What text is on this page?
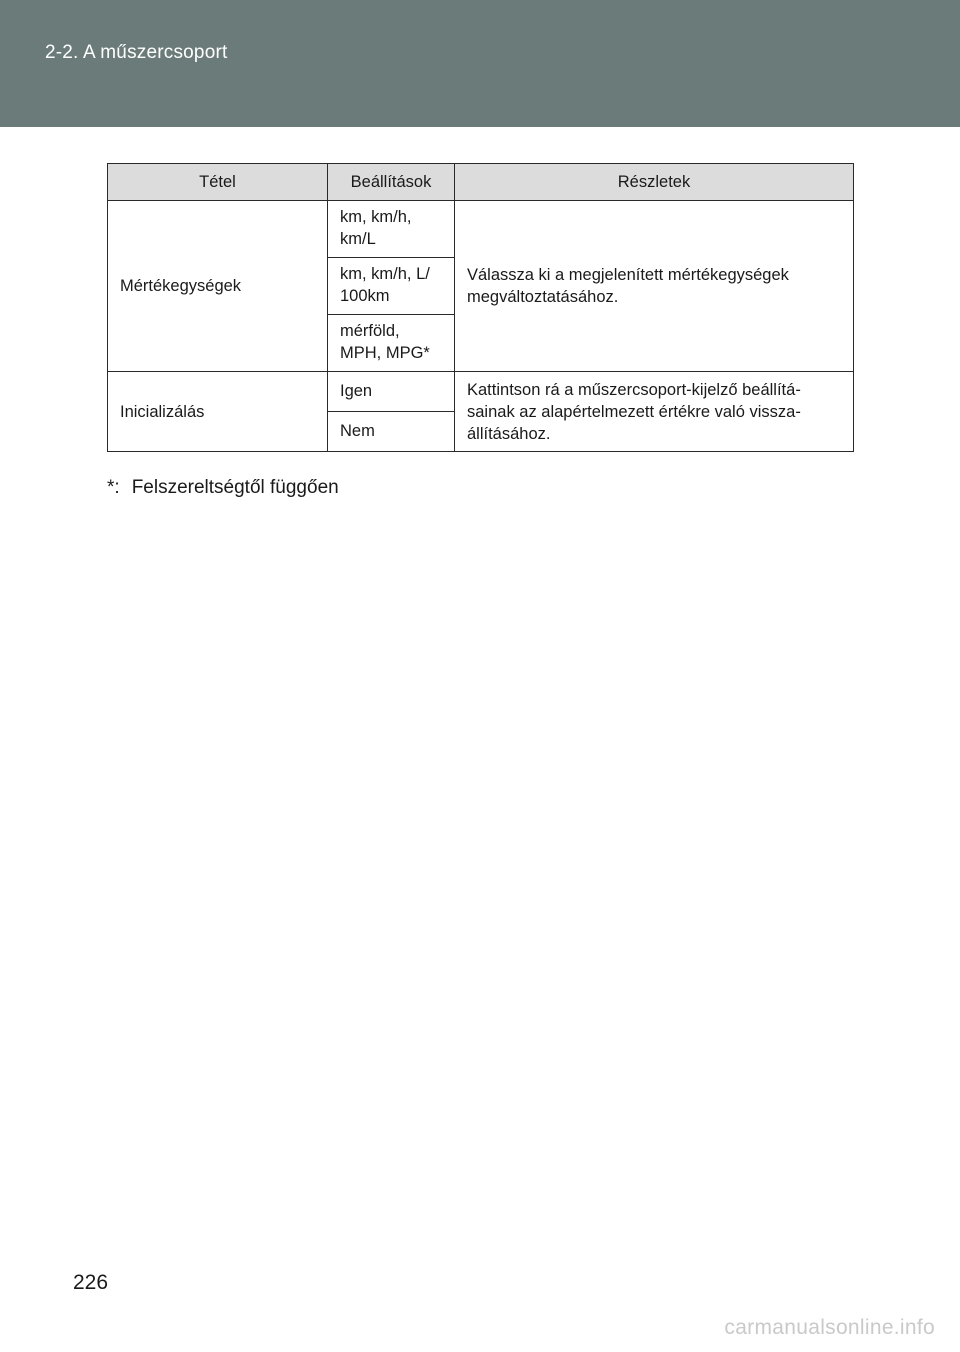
2-2. A műszercsoport
Tétel	Beállítások	Részletek
Mértékegységek	km, km/h, km/L	Válassza ki a megjelenített mértékegységek megváltoztatásához.
	km, km/h, L/ 100km	
	mérföld, MPH, MPG*	
Inicializálás	Igen	Kattintson rá a műszercsoport-kijelző beállítá- sainak az alapértelmezett értékre való vissza- állításához.
	Nem	
*: Felszereltségtől függően
226
carmanualsonline.info
